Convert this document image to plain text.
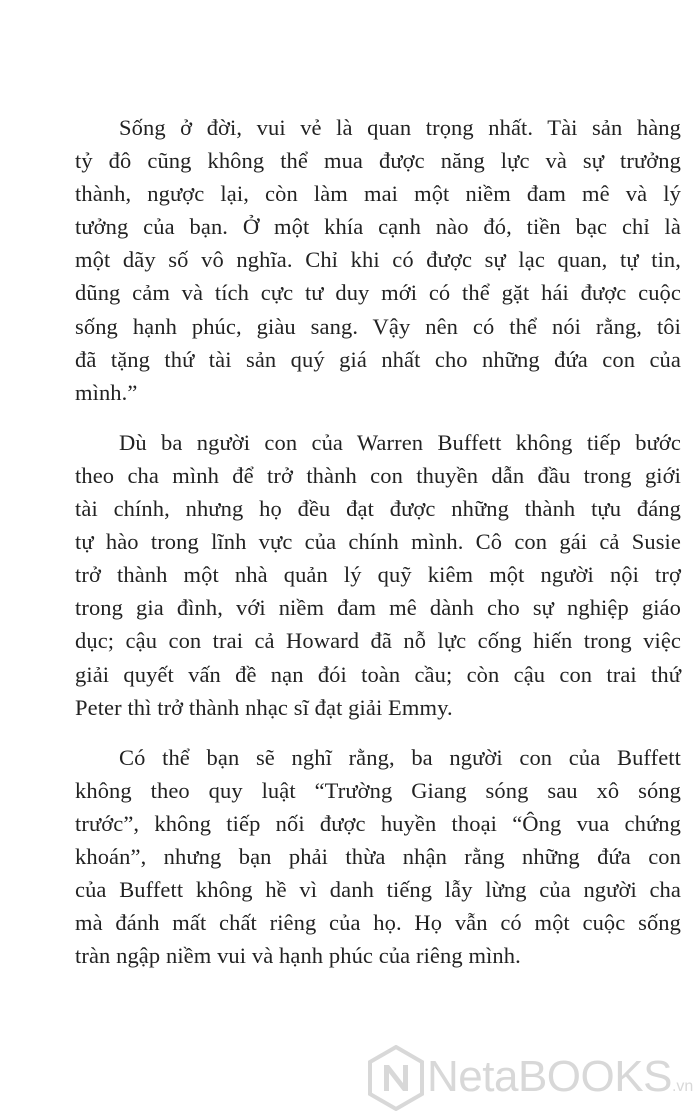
Sống ở đời, vui vẻ là quan trọng nhất. Tài sản hàng
tỷ đô cũng không thể mua được năng lực và sự trưởng
thành, ngược lại, còn làm mai một niềm đam mê và lý
tưởng của bạn. Ở một khía cạnh nào đó, tiền bạc chỉ là
một dãy số vô nghĩa. Chỉ khi có được sự lạc quan, tự tin,
dũng cảm và tích cực tư duy mới có thể gặt hái được cuộc
sống hạnh phúc, giàu sang. Vậy nên có thể nói rằng, tôi
đã tặng thứ tài sản quý giá nhất cho những đứa con của
mình.”
Dù ba người con của Warren Buffett không tiếp bước
theo cha mình để trở thành con thuyền dẫn đầu trong giới
tài chính, nhưng họ đều đạt được những thành tựu đáng
tự hào trong lĩnh vực của chính mình. Cô con gái cả Susie
trở thành một nhà quản lý quỹ kiêm một người nội trợ
trong gia đình, với niềm đam mê dành cho sự nghiệp giáo
dục; cậu con trai cả Howard đã nỗ lực cống hiến trong việc
giải quyết vấn đề nạn đói toàn cầu; còn cậu con trai thứ
Peter thì trở thành nhạc sĩ đạt giải Emmy.
Có thể bạn sẽ nghĩ rằng, ba người con của Buffett
không theo quy luật “Trường Giang sóng sau xô sóng
trước”, không tiếp nối được huyền thoại “Ông vua chứng
khoán”, nhưng bạn phải thừa nhận rằng những đứa con
của Buffett không hề vì danh tiếng lẫy lừng của người cha
mà đánh mất chất riêng của họ. Họ vẫn có một cuộc sống
tràn ngập niềm vui và hạnh phúc của riêng mình.
NetaBOOKS.vn
